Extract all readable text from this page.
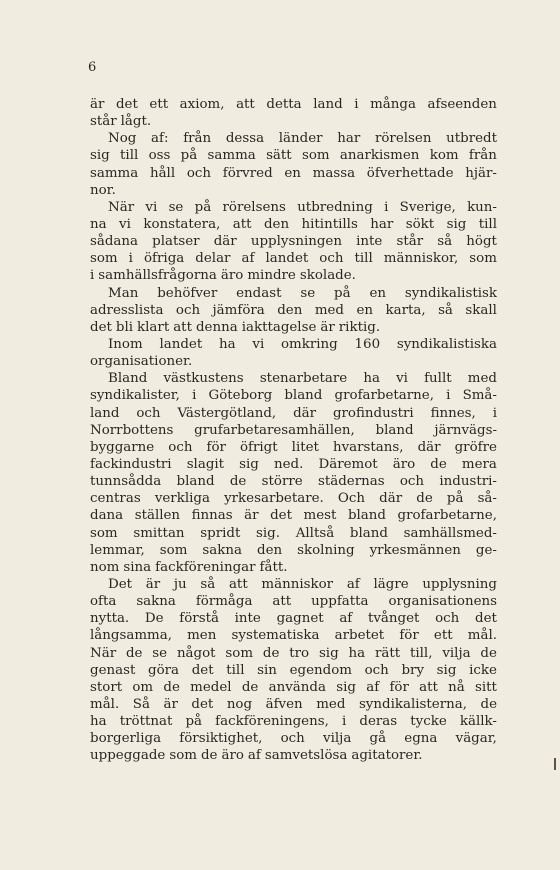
6
är det ett axiom, att detta land i många afseenden
står lågt.
Nog af: från dessa länder har rörelsen utbredt
sig till oss på samma sätt som anarkismen kom från
samma håll och förvred en massa öfverhettade hjär-
nor.
När vi se på rörelsens utbredning i Sverige, kun-
na vi konstatera, att den hitintills har sökt sig till
sådana platser där upplysningen inte står så högt
som i öfriga delar af landet och till människor, som
i samhällsfrågorna äro mindre skolade.
Man behöfver endast se på en syndikalistisk
adresslista och jämföra den med en karta, så skall
det bli klart att denna iakttagelse är riktig.
Inom landet ha vi omkring 160 syndikalistiska
organisationer.
Bland västkustens stenarbetare ha vi fullt med
syndikalister, i Göteborg bland grofarbetarne, i Små-
land och Västergötland, där grofindustri finnes, i
Norrbottens grufarbetaresamhällen, bland järnvägs-
byggarne och för öfrigt litet hvarstans, där gröfre
fackindustri slagit sig ned. Däremot äro de mera
tunnsådda bland de större städernas och industri-
centras verkliga yrkesarbetare. Och där de på så-
dana ställen finnas är det mest bland grofarbetarne,
som smittan spridt sig. Alltså bland samhällsmed-
lemmar, som sakna den skolning yrkesmännen ge-
nom sina fackföreningar fått.
Det är ju så att människor af lägre upplysning
ofta sakna förmåga att uppfatta organisationens
nytta. De förstå inte gagnet af tvånget och det
långsamma, men systematiska arbetet för ett mål.
När de se något som de tro sig ha rätt till, vilja de
genast göra det till sin egendom och bry sig icke
stort om de medel de använda sig af för att nå sitt
mål. Så är det nog äfven med syndikalisterna, de
ha tröttnat på fackföreningens, i deras tycke källk-
borgerliga försiktighet, och vilja gå egna vägar,
uppeggade som de äro af samvetslösa agitatorer.
